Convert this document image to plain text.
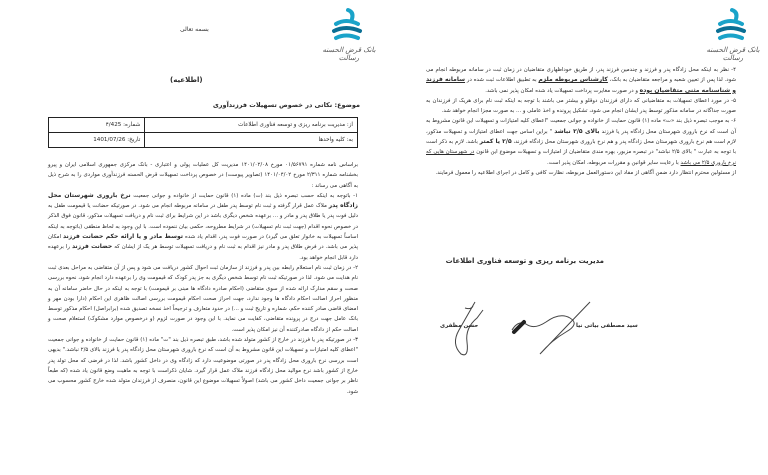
بانک قرض الحسنه رسالت
بسمه تعالی
(اطلاعیه)
موضوع: نکاتی در خصوص تسهیلات فرزندآوری
از: مدیریت برنامه ریزی و توسعه فناوری اطلاعات	شماره: ۴/425
به: کلیه واحدها	تاریخ: 1401/07/26

براساس نامه شماره ۰۱/۵۶۷۹۱ مورخ ۱۴۰۱/۰۲/۰۸ مدیریت کل عملیات پولی و اعتباری - بانک مرکزی جمهوری اسلامی ایران و پیرو بخشنامه شماره ۲/۳۱۱ مورخ ۱۴۰۱/۰۴/۰۲ (تصاویر پیوست) در خصوص پرداخت تسهیلات قرض الحسنه فرزندآوری مواردی را به شرح ذیل به آگاهی می رساند :

۱- باتوجه به اینکه حسب تبصره ذیل بند (ت) ماده (۱) قانون حمایت از خانواده و جوانی جمعیت نرخ باروری شهرستان محل زادگاه پدر ملاک عمل قرار گرفته و ثبت نام توسط پدر طفل در سامانه مربوطه انجام می شود. در صورتیکه حضانت یا قیمومت طفل به دلیل فوت پدر یا طلاق پدر و مادر و ... برعهده شخص دیگری باشد در این شرایط برای ثبت نام و دریافت تسهیلات مذکور، قانون فوق الذکر در خصوص نحوه اقدام (جهت ثبت نام تسهیلات) در شرایط مطروحه، حکمی بیان ننموده است. با این وجود به لحاظ منطقی (باتوجه به اینکه اساساً تسهیلات به خانوار تعلق می گیرد) در صورت فوت پدر، اقدام یاد شده توسط مادر و یا ارائه حکم حضانت فرزند امکان پذیر می باشد. در فرض طلاق پدر و مادر نیز اقدام به ثبت نام و دریافت تسهیلات توسط هر یک از ایشان که حضانت فرزند را برعهده دارد قابل انجام خواهد بود.

۲- در زمان ثبت نام استعلام رابطه بین پدر و فرزند از سازمان ثبت احوال کشور دریافت می شود و پس از آن متقاضی به مراحل بعدی ثبت نام هدایت می شود. لذا در صورتیکه ثبت نام توسط شخص دیگری به جز پدر کودک که قیمومت وی را برعهده دارد انجام شود، نحوه بررسی صحت و سقم مدارک ارائه شده از سوی متقاضی (احکام صادره دادگاه ها مبنی بر قیمومت) با توجه به اینکه در حال حاضر سامانه آن به منظور احراز اصالت احکام دادگاه ها وجود ندارد، جهت احراز صحت احکام قیمومت بررسی اصالت ظاهری این احکام (دارا بودن مهر و امضای قاضی صادر کننده حکم، شماره و تاریخ ثبت و ...) در حدود متعارف و ترجیحاً اخذ نسخه تصدیق شده (برابراصل) احکام مذکور توسط بانک عامل جهت درج در پرونده متقاضی، کفایت می نماید. با این وجود در صورت لزوم (و درخصوص موارد مشکوک) استعلام صحت و اصالت حکم از دادگاه صادرکننده آن نیز امکان پذیر است.

۳- در صورتیکه پدر یا فرزند در خارج از کشور متولد شده باشد، طبق تبصره ذیل بند "ت" ماده (۱) قانون حمایت از خانواده و جوانی جمعیت "اعطای کلیه امتیازات و تسهیلات این قانون مشروط به آن است که نرخ باروری شهرستان محل زادگاه پدر یا فرزند بالای ۲/۵ نباشد." بدیهی است بررسی نرخ باروری محل زادگاه پدر در صورتی موضوعیت دارد که زادگاه وی در داخل کشور باشد. لذا در فرضی که محل تولد پدر خارج از کشور باشد نرخ موالید محل زادگاه فرزند ملاک عمل قرار گیرد. شایان ذکراست با توجه به ماهیت وضع قانون یاد شده (که طبعاً ناظر بر جوانی جمعیت داخل کشور می باشد) اصولاً تسهیلات موضوع این قانون، منصرف از فرزندان متولد شده خارج کشور محسوب می شود.

بانک قرض الحسنه رسالت

۴- نظر به اینکه محل زادگاه پدر و فرزند و چندمین فرزند پدر، از طریق خوداظهاری متقاضیان در زمان ثبت در سامانه مربوطه انجام می شود. لذا پس از تعیین شعبه و مراجعه متقاضیان به بانک، کارشناس مربوطه ملزم به تطبیق اطلاعات ثبت شده در سامانه فرزند و شناسنامه مثنی متقاضیان بوده و در صورت مغایرت پرداخت تسهیلات یاد شده امکان پذیر نمی باشد.

۵- در مورد اعطای تسهیلات به متقاضیانی که دارای فرزندان دوقلو و بیشتر می باشند با توجه به اینکه ثبت نام برای هریک از فرزندان به صورت جداگانه در سامانه مذکور توسط پدر ایشان انجام می شود، تشکیل پرونده و اخذ عاملی و ... به صورت مجزا انجام خواهد شد.

۶- به موجب تبصره ذیل بند «ت» ماده (۱) قانون حمایت از خانواده و جوانی جمعیت "اعطای کلیه امتیازات و تسهیلات این قانون مشروط به آن است که نرخ باروری شهرستان محل زادگاه پدر یا فرزند بالای ۲/۵ نباشد " براین اساس جهت اعطای امتیازات و تسهیلات مذکور، لازم است هم نرخ باروری شهرستان محل زادگاه پدر و هم نرخ باروری شهرستان محل زادگاه فرزند، ۲/۵ یا کمتر باشد. لازم به ذکر است با توجه به عبارت " بالای ۲/۵ نباشد" در تبصره مزبور، بهره مندی متقاضیان از امتیازات و تسهیلات موضوع این قانون در شهرستان هایی که نرخ باروری ۲/۵ می باشد با رعایت سایر قوانین و مقررات مربوطه، امکان پذیر است.

از مسئولین محترم انتظار دارد ضمن آگاهی از مفاد این دستورالعمل مربوطه، نظارت کافی و کامل در اجرای اطلاعیه را معمول فرمایند.

مدیریت برنامه ریزی و توسعه فناوری اطلاعات
حسن مظفری	سید مصطفی بیاتی نیا
